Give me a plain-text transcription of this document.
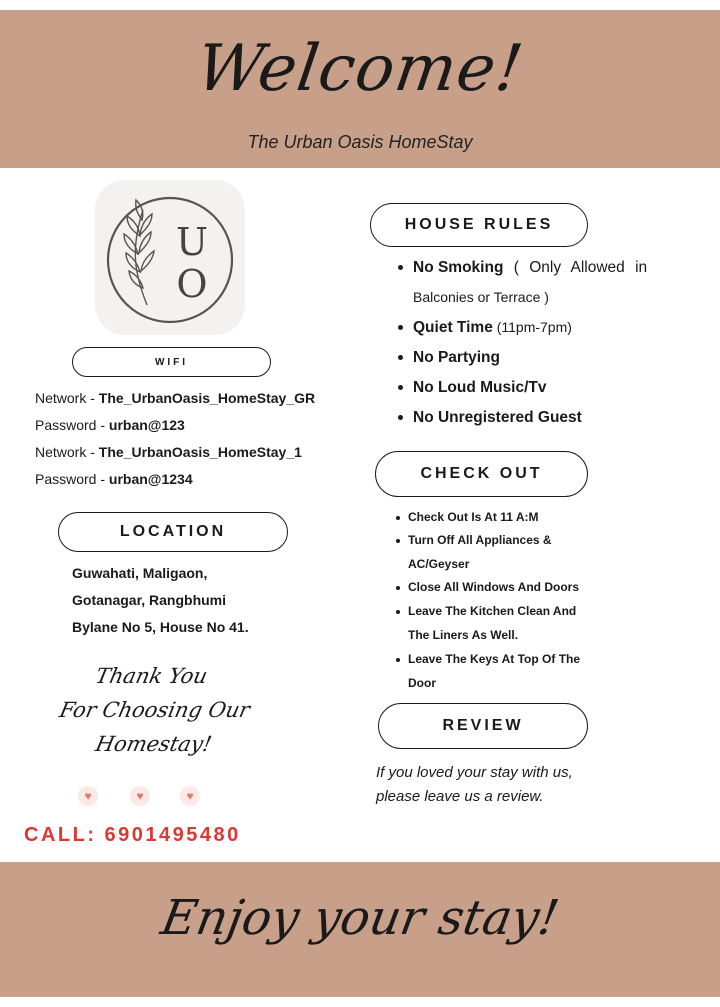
Welcome!
The Urban Oasis HomeStay
U
O
WIFI
Network - The_UrbanOasis_HomeStay_GR
Password - urban@123
Network - The_UrbanOasis_HomeStay_1
Password - urban@1234
LOCATION
Guwahati, Maligaon,
Gotanagar, Rangbhumi
Bylane No 5, House No 41.
Thank You
For Choosing Our
Homestay!
♥	♥	♥
CALL: 6901495480
HOUSE RULES
No Smoking ( Only Allowed in
Balconies or Terrace )
Quiet Time (11pm-7pm)
No Partying
No Loud Music/Tv
No Unregistered Guest
CHECK OUT
Check Out Is At 11 A:M
Turn Off All Appliances &
AC/Geyser
Close All Windows And Doors
Leave The Kitchen Clean And
The Liners As Well.
Leave The Keys At Top Of The
Door
REVIEW
If you loved your stay with us,
please leave us a review.
Enjoy your stay!
